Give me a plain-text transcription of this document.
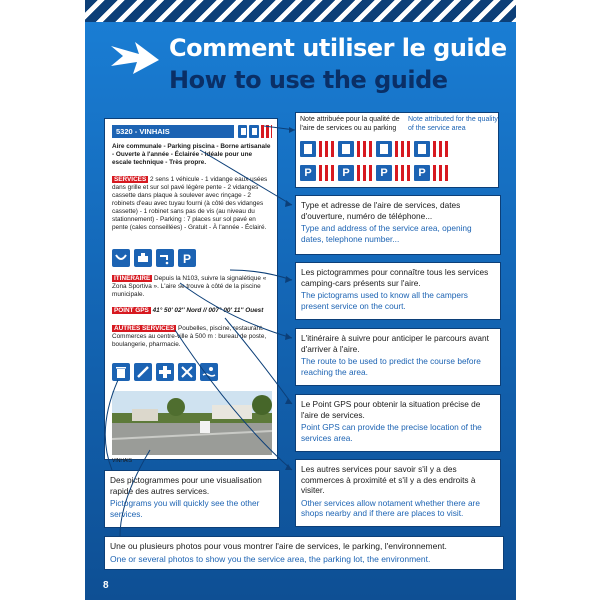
Comment utiliser le guide
How to use the guide
5320 - VINHAIS
Aire communale - Parking piscina - Borne artisanale - Ouverte à l'année - Éclairée - Idéale pour une escale technique - Très propre.
SERVICES 2 sens 1 véhicule - 1 vidange eaux usées dans grille et sur sol pavé légère pente - 2 vidanges cassette dans plaque à soulever avec rinçage - 2 robinets d'eau avec tuyau fourni (à côté des vidanges cassette) - 1 robinet sans pas de vis (au niveau du stationnement) - Parking : 7 places sur sol pavé en pente (cales conseillées) - Gratuit - À l'année - Éclairé.
P
ITINÉRAIRE Depuis la N103, suivre la signalétique « Zona Sportiva ». L'aire se trouve à côté de la piscine municipale.
POINT GPS 41° 50' 02'' Nord // 007° 00' 11'' Ouest
AUTRES SERVICES Poubelles, piscine, restaurant. Commerces au centre-ville à 500 m : bureau de poste, boulangerie, pharmacie.
VINHAIS
Note attribuée pour la qualité de l'aire de services ou au parking
Note attributed for the quality of the service area
P	P	P	P
Type et adresse de l'aire de services, dates d'ouverture, numéro de téléphone...
Type and address of the service area, opening dates, telephone number...
Les pictogrammes pour connaître tous les services camping-cars présents sur l'aire.
The pictograms used to know all the campers present service on the court.
L'itinéraire à suivre pour anticiper le parcours avant d'arriver à l'aire.
The route to be used to predict the course before reaching the area.
Le Point GPS pour obtenir la situation précise de l'aire de services.
Point GPS can provide the precise location of the services area.
Les autres services pour savoir s'il y a des commerces à proximité et s'il y a des endroits à visiter.
Other services allow notament whether there are shops nearby and if there are places to visit.
Des pictogrammes pour une visualisation rapide des autres services.
Pictograms you will quickly see the other services.
Une ou plusieurs photos pour vous montrer l'aire de services, le parking, l'environnement.
One or several photos to show you the service area, the parking lot, the environment.
8
